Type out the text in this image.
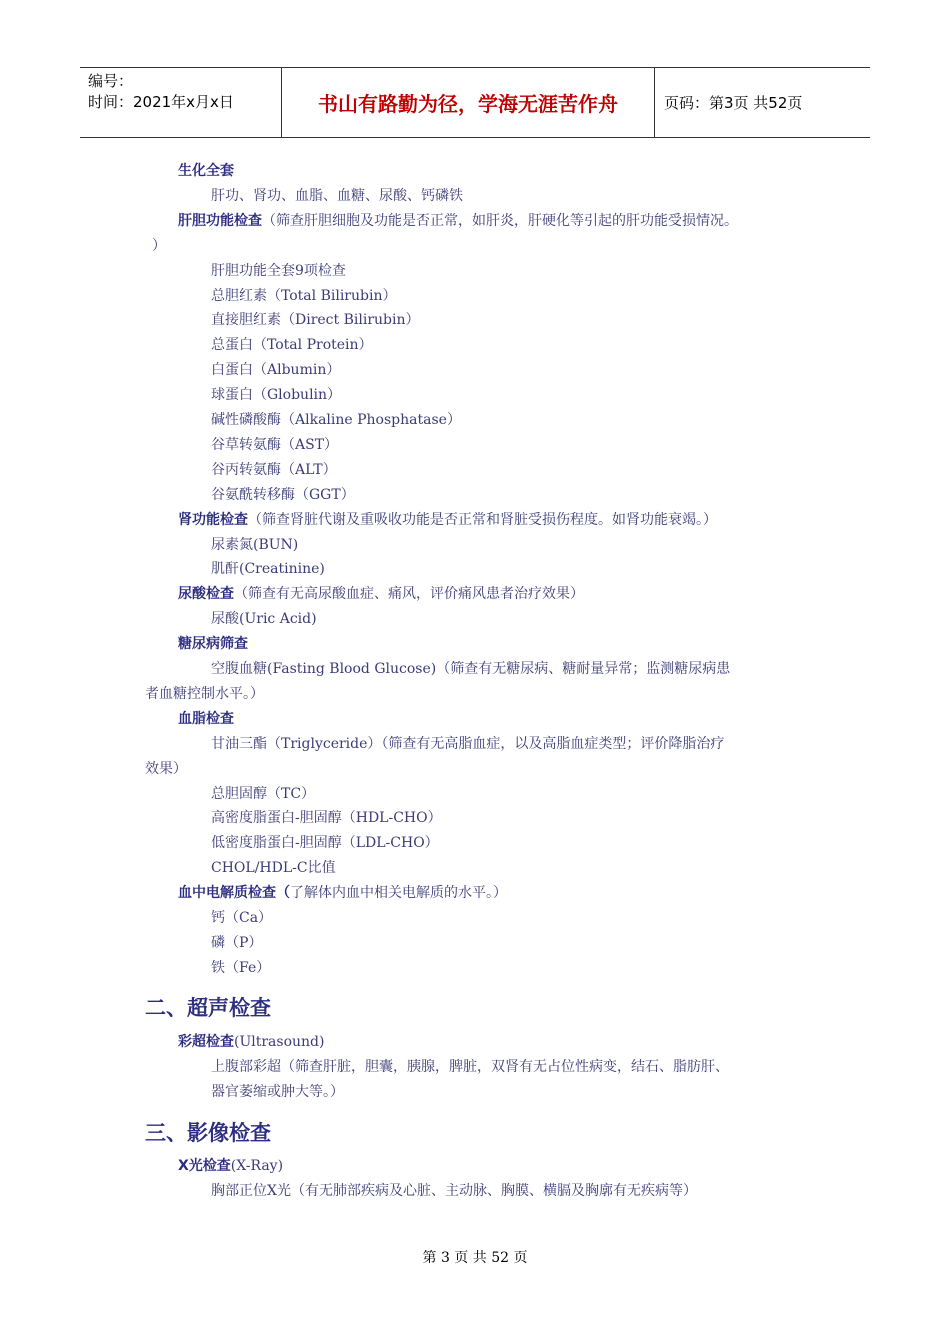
编号：
时间：2021年x月x日	书山有路勤为径，学海无涯苦作舟	页码：第3页 共52页
生化全套
肝功、肾功、血脂、血糖、尿酸、钙磷铁
肝胆功能检查（筛查肝胆细胞及功能是否正常，如肝炎，肝硬化等引起的肝功能受损情况。
）
肝胆功能全套9项检查
总胆红素（Total Bilirubin）
直接胆红素（Direct Bilirubin）
总蛋白（Total Protein）
白蛋白（Albumin）
球蛋白（Globulin）
碱性磷酸酶（Alkaline Phosphatase）
谷草转氨酶（AST）
谷丙转氨酶（ALT）
谷氨酰转移酶（GGT）
肾功能检查（筛查肾脏代谢及重吸收功能是否正常和肾脏受损伤程度。如肾功能衰竭。）
尿素氮(BUN)
肌酐(Creatinine)
尿酸检查（筛查有无高尿酸血症、痛风，评价痛风患者治疗效果）
尿酸(Uric Acid)
糖尿病筛查
空腹血糖(Fasting Blood Glucose)（筛查有无糖尿病、糖耐量异常；监测糖尿病患
者血糖控制水平。）
血脂检查
甘油三酯（Triglyceride）（筛查有无高脂血症，以及高脂血症类型；评价降脂治疗
效果）
总胆固醇（TC）
高密度脂蛋白-胆固醇（HDL-CHO）
低密度脂蛋白-胆固醇（LDL-CHO）
CHOL/HDL-C比值
血中电解质检查（了解体内血中相关电解质的水平。）
钙（Ca）
磷（P）
铁（Fe）
二、超声检查
彩超检查(Ultrasound)
上腹部彩超（筛查肝脏，胆囊，胰腺，脾脏，双肾有无占位性病变，结石、脂肪肝、
器官萎缩或肿大等。）
三、影像检查
X光检查(X-Ray)
胸部正位X光（有无肺部疾病及心脏、主动脉、胸膜、横膈及胸廓有无疾病等）
第 3 页 共 52 页
